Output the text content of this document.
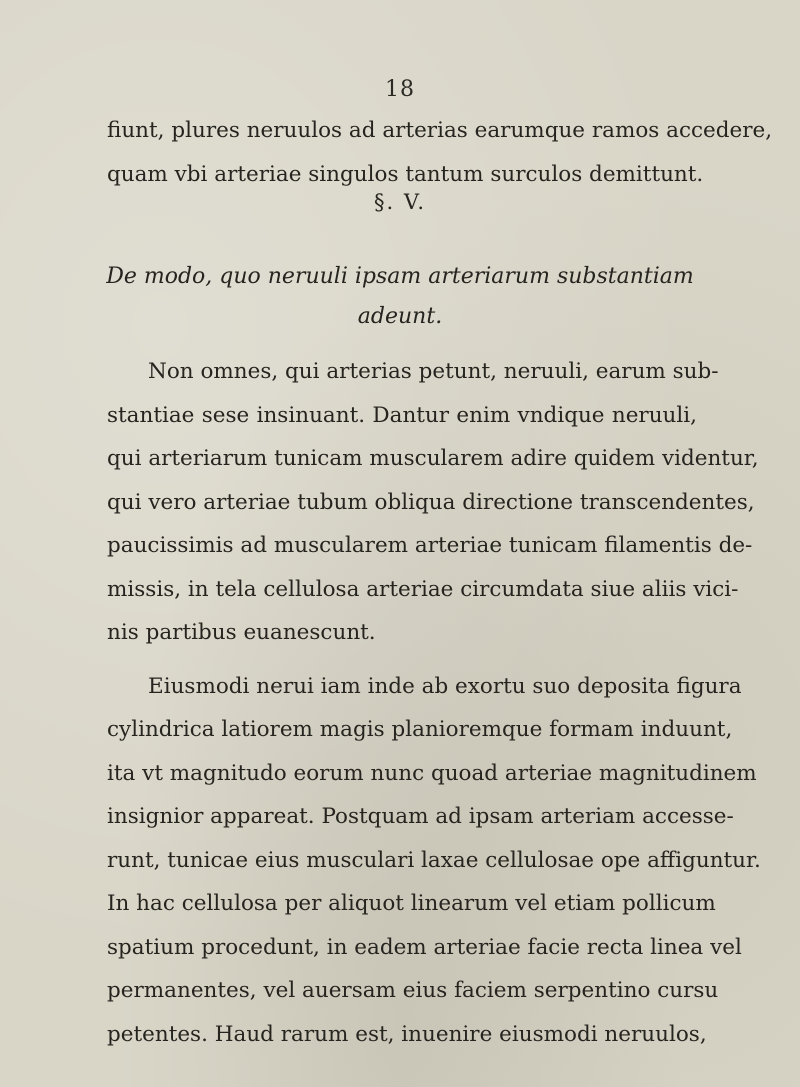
18
fiunt, plures neruulos ad arterias earumque ramos accedere,
quam vbi arteriae singulos tantum surculos demittunt.
§. V.
De modo, quo neruuli ipsam arteriarum substantiam
adeunt.
Non omnes, qui arterias petunt, neruuli, earum sub-
stantiae sese insinuant. Dantur enim vndique neruuli,
qui arteriarum tunicam muscularem adire quidem videntur,
qui vero arteriae tubum obliqua directione transcendentes,
paucissimis ad muscularem arteriae tunicam filamentis de-
missis, in tela cellulosa arteriae circumdata siue aliis vici-
nis partibus euanescunt.
Eiusmodi nerui iam inde ab exortu suo deposita figura
cylindrica latiorem magis planioremque formam induunt,
ita vt magnitudo eorum nunc quoad arteriae magnitudinem
insignior appareat. Postquam ad ipsam arteriam accesse-
runt, tunicae eius musculari laxae cellulosae ope affiguntur.
In hac cellulosa per aliquot linearum vel etiam pollicum
spatium procedunt, in eadem arteriae facie recta linea vel
permanentes, vel auersam eius faciem serpentino cursu
petentes. Haud rarum est, inuenire eiusmodi neruulos,
